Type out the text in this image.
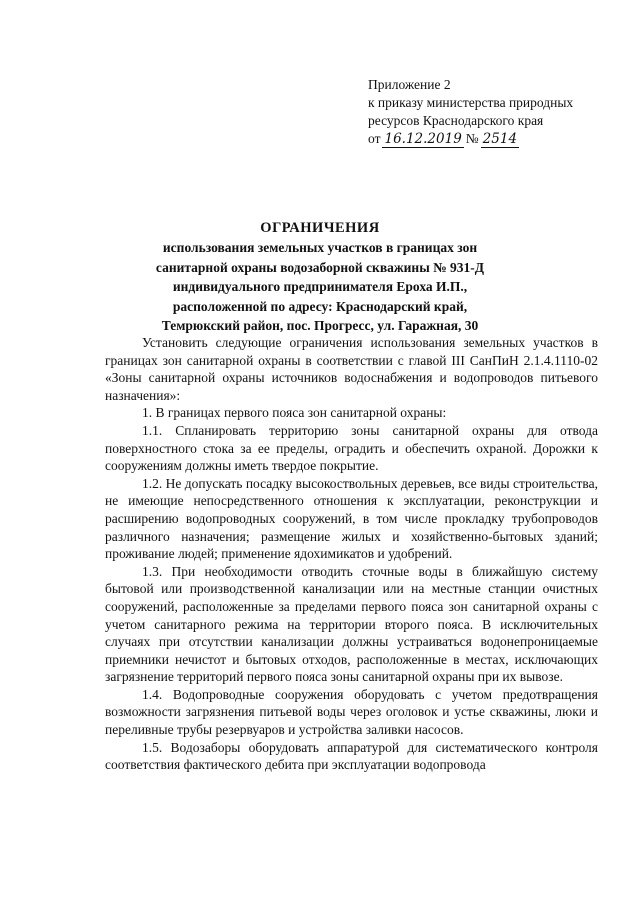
Приложение 2
к приказу министерства природных
ресурсов Краснодарского края
от 16.12.2019 № 2514
ОГРАНИЧЕНИЯ
использования земельных участков в границах зон
санитарной охраны водозаборной скважины № 931-Д
индивидуального предпринимателя Ероха И.П.,
расположенной по адресу: Краснодарский край,
Темрюкский район, пос. Прогресс, ул. Гаражная, 30

Установить следующие ограничения использования земельных участков в границах зон санитарной охраны в соответствии с главой III СанПиН 2.1.4.1110-02 «Зоны санитарной охраны источников водоснабжения и водопроводов питьевого назначения»:

1. В границах первого пояса зон санитарной охраны:

1.1. Спланировать территорию зоны санитарной охраны для отвода поверхностного стока за ее пределы, оградить и обеспечить охраной. Дорожки к сооружениям должны иметь твердое покрытие.

1.2. Не допускать посадку высокоствольных деревьев, все виды строительства, не имеющие непосредственного отношения к эксплуатации, реконструкции и расширению водопроводных сооружений, в том числе прокладку трубопроводов различного назначения; размещение жилых и хозяйственно-бытовых зданий; проживание людей; применение ядохимикатов и удобрений.

1.3. При необходимости отводить сточные воды в ближайшую систему бытовой или производственной канализации или на местные станции очистных сооружений, расположенные за пределами первого пояса зон санитарной охраны с учетом санитарного режима на территории второго пояса. В исключительных случаях при отсутствии канализации должны устраиваться водонепроницаемые приемники нечистот и бытовых отходов, расположенные в местах, исключающих загрязнение территорий первого пояса зоны санитарной охраны при их вывозе.

1.4. Водопроводные сооружения оборудовать с учетом предотвращения возможности загрязнения питьевой воды через оголовок и устье скважины, люки и переливные трубы резервуаров и устройства заливки насосов.

1.5. Водозаборы оборудовать аппаратурой для систематического контроля соответствия фактического дебита при эксплуатации водопровода
